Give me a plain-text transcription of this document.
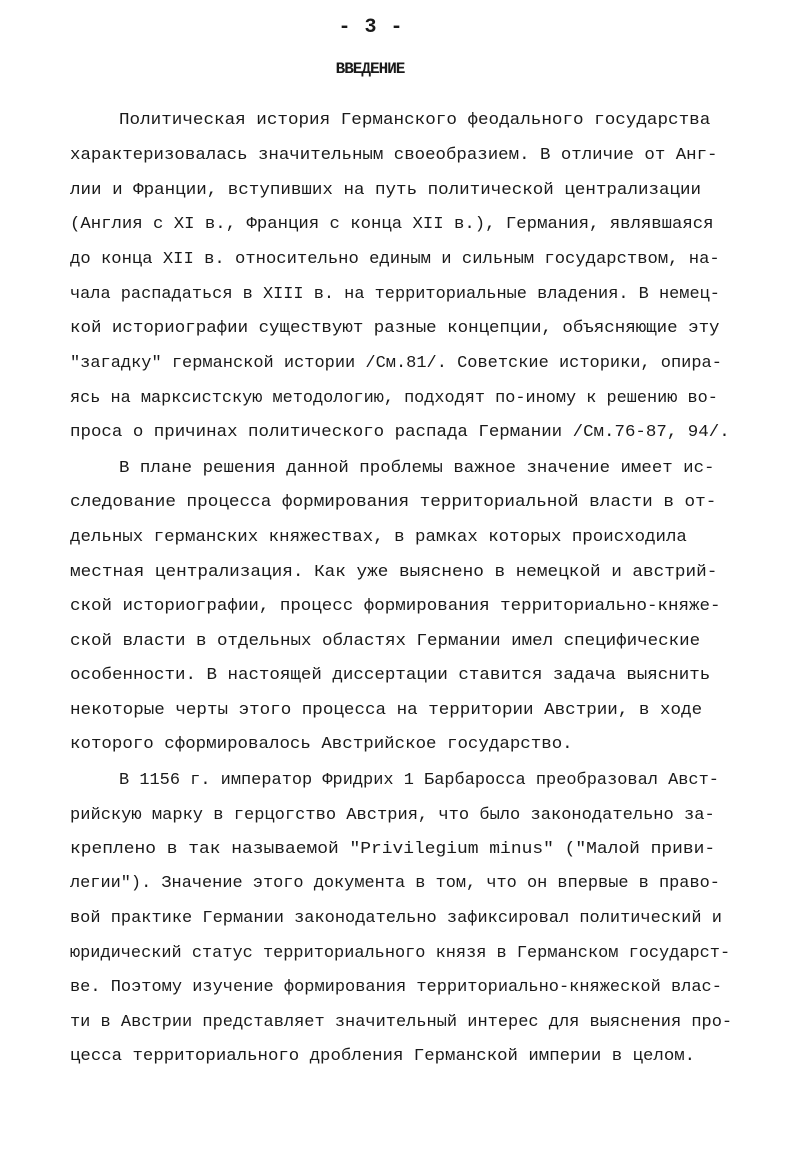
- 3 -
ВВЕДЕНИЕ
Политическая история Германского феодального государства
характеризовалась значительным своеобразием. В отличие от Анг-
лии и Франции, вступивших на путь политической централизации
(Англия с XI в., Франция с конца XII в.), Германия, являвшаяся
до конца XII в. относительно единым и сильным государством, на-
чала распадаться в XIII в. на территориальные владения. В немец-
кой историографии существуют разные концепции, объясняющие эту
"загадку" германской истории /См.81/. Советские историки, опира-
ясь на марксистскую методологию, подходят по-иному к решению во-
проса о причинах политического распада Германии /См.76-87, 94/.
В плане решения данной проблемы важное значение имеет ис-
следование процесса формирования территориальной власти в от-
дельных германских княжествах, в рамках которых происходила
местная централизация. Как уже выяснено в немецкой и австрий-
ской историографии, процесс формирования территориально-княже-
ской власти в отдельных областях Германии имел специфические
особенности. В настоящей диссертации ставится задача выяснить
некоторые черты этого процесса на территории Австрии, в ходе
которого сформировалось Австрийское государство.
В 1156 г. император Фридрих 1 Барбаросса преобразовал Авст-
рийскую марку в герцогство Австрия, что было законодательно за-
креплено в так называемой "Privilegium minus" ("Малой приви-
легии"). Значение этого документа в том, что он впервые в право-
вой практике Германии законодательно зафиксировал политический и
юридический статус территориального князя в Германском государст-
ве. Поэтому изучение формирования территориально-княжеской влас-
ти в Австрии представляет значительный интерес для выяснения про-
цесса территориального дробления Германской империи в целом.
